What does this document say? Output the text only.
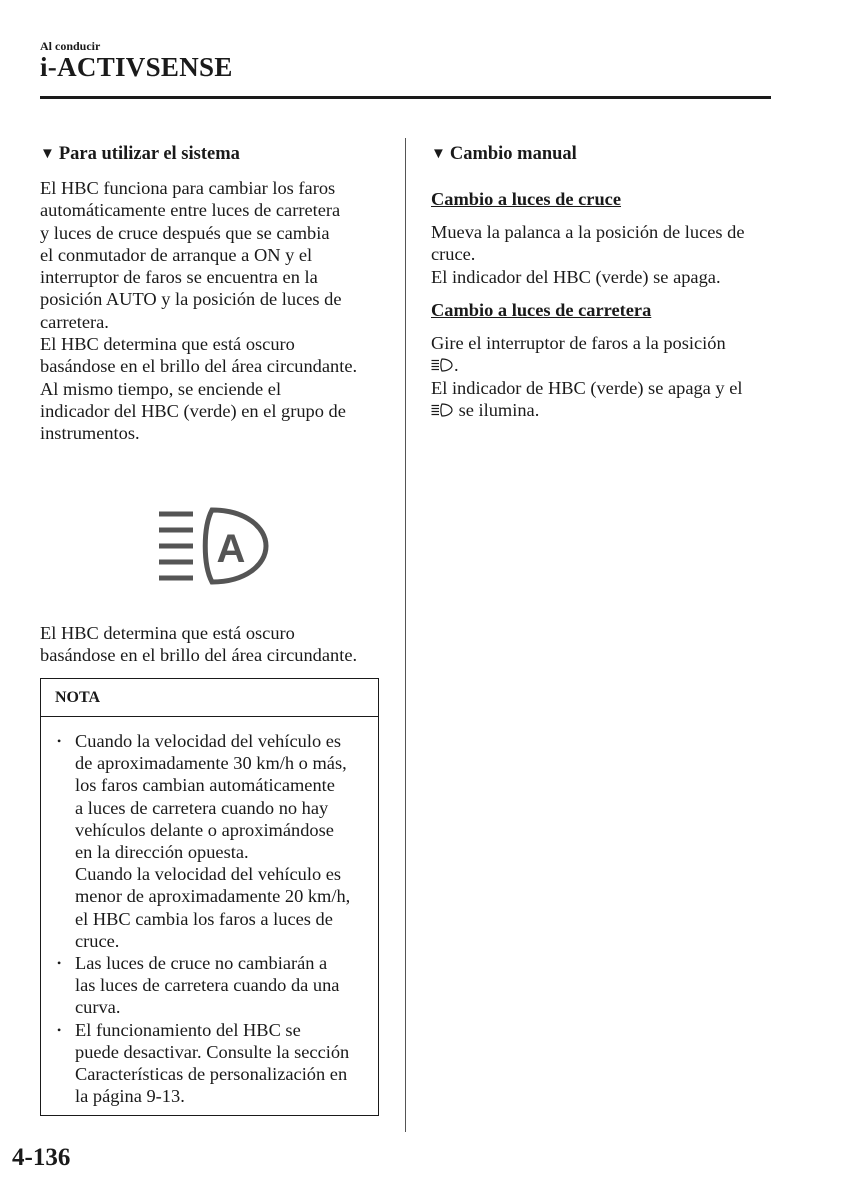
Al conducir
i-ACTIVSENSE
▼ Para utilizar el sistema
El HBC funciona para cambiar los faros
automáticamente entre luces de carretera
y luces de cruce después que se cambia
el conmutador de arranque a ON y el
interruptor de faros se encuentra en la
posición AUTO y la posición de luces de
carretera.
El HBC determina que está oscuro
basándose en el brillo del área circundante.
Al mismo tiempo, se enciende el
indicador del HBC (verde) en el grupo de
instrumentos.
A
El HBC determina que está oscuro
basándose en el brillo del área circundante.
NOTA
• Cuando la velocidad del vehículo es
de aproximadamente 30 km/h o más,
los faros cambian automáticamente
a luces de carretera cuando no hay
vehículos delante o aproximándose
en la dirección opuesta.
Cuando la velocidad del vehículo es
menor de aproximadamente 20 km/h,
el HBC cambia los faros a luces de
cruce.
• Las luces de cruce no cambiarán a
las luces de carretera cuando da una
curva.
• El funcionamiento del HBC se
puede desactivar. Consulte la sección
Características de personalización en
la página 9-13.
▼ Cambio manual
Cambio a luces de cruce
Mueva la palanca a la posición de luces de
cruce.
El indicador del HBC (verde) se apaga.
Cambio a luces de carretera
Gire el interruptor de faros a la posición
.
El indicador de HBC (verde) se apaga y el
se ilumina.
4-136
